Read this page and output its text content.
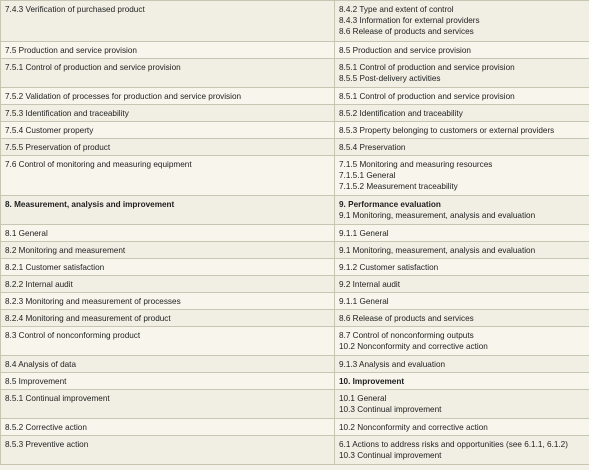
7.4.3 Verification of purchased product	8.4.2 Type and extent of control
8.4.3 Information for external providers
8.6 Release of products and services

7.5 Production and service provision	8.5 Production and service provision

7.5.1 Control of production and service provision	8.5.1 Control of production and service provision
8.5.5 Post-delivery activities

7.5.2 Validation of processes for production and service provision	8.5.1 Control of production and service provision

7.5.3 Identification and traceability	8.5.2 Identification and traceability

7.5.4 Customer property	8.5.3 Property belonging to customers or external providers

7.5.5 Preservation of product	8.5.4 Preservation

7.6 Control of monitoring and measuring equipment	7.1.5 Monitoring and measuring resources
7.1.5.1 General
7.1.5.2 Measurement traceability

8. Measurement, analysis and improvement	9. Performance evaluation
9.1 Monitoring, measurement, analysis and evaluation

8.1 General	9.1.1 General

8.2 Monitoring and measurement	9.1 Monitoring, measurement, analysis and evaluation

8.2.1 Customer satisfaction	9.1.2 Customer satisfaction

8.2.2 Internal audit	9.2 Internal audit

8.2.3 Monitoring and measurement of processes	9.1.1 General

8.2.4 Monitoring and measurement of product	8.6 Release of products and services

8.3 Control of nonconforming product	8.7 Control of nonconforming outputs
10.2 Nonconformity and corrective action

8.4 Analysis of data	9.1.3 Analysis and evaluation

8.5 Improvement	10. Improvement

8.5.1 Continual improvement	10.1 General
10.3 Continual improvement

8.5.2 Corrective action	10.2 Nonconformity and corrective action

8.5.3 Preventive action	6.1 Actions to address risks and opportunities (see 6.1.1, 6.1.2)
10.3 Continual improvement
